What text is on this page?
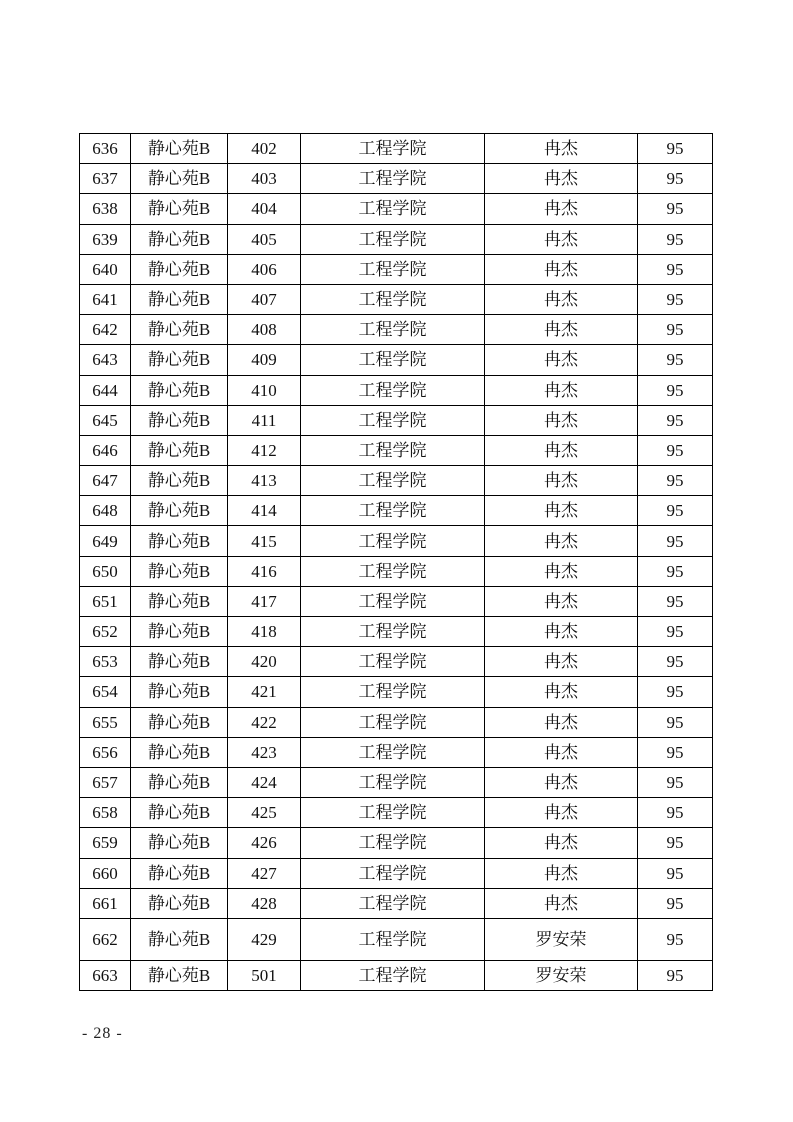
636	静心苑B	402	工程学院	冉杰	95
637	静心苑B	403	工程学院	冉杰	95
638	静心苑B	404	工程学院	冉杰	95
639	静心苑B	405	工程学院	冉杰	95
640	静心苑B	406	工程学院	冉杰	95
641	静心苑B	407	工程学院	冉杰	95
642	静心苑B	408	工程学院	冉杰	95
643	静心苑B	409	工程学院	冉杰	95
644	静心苑B	410	工程学院	冉杰	95
645	静心苑B	411	工程学院	冉杰	95
646	静心苑B	412	工程学院	冉杰	95
647	静心苑B	413	工程学院	冉杰	95
648	静心苑B	414	工程学院	冉杰	95
649	静心苑B	415	工程学院	冉杰	95
650	静心苑B	416	工程学院	冉杰	95
651	静心苑B	417	工程学院	冉杰	95
652	静心苑B	418	工程学院	冉杰	95
653	静心苑B	420	工程学院	冉杰	95
654	静心苑B	421	工程学院	冉杰	95
655	静心苑B	422	工程学院	冉杰	95
656	静心苑B	423	工程学院	冉杰	95
657	静心苑B	424	工程学院	冉杰	95
658	静心苑B	425	工程学院	冉杰	95
659	静心苑B	426	工程学院	冉杰	95
660	静心苑B	427	工程学院	冉杰	95
661	静心苑B	428	工程学院	冉杰	95
662	静心苑B	429	工程学院	罗安荣	95
663	静心苑B	501	工程学院	罗安荣	95
- 28 -
